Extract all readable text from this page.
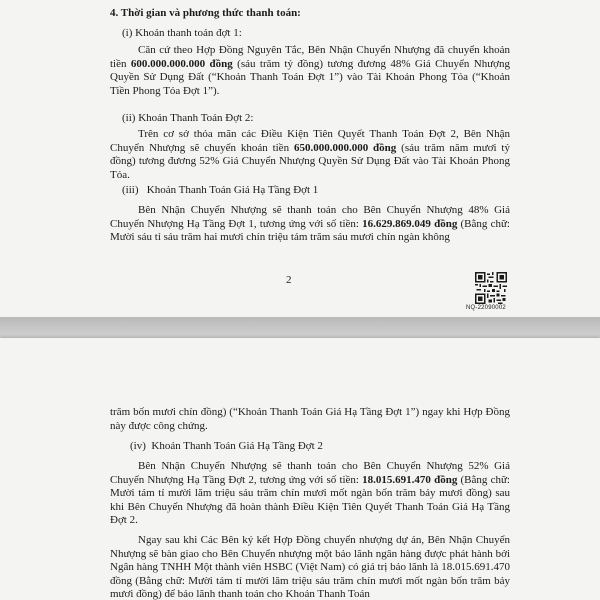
4. Thời gian và phương thức thanh toán:

(i) Khoản thanh toán đợt 1:

Căn cứ theo Hợp Đồng Nguyên Tắc, Bên Nhận Chuyển Nhượng đã chuyển khoản tiền 600.000.000.000 đồng (sáu trăm tỷ đồng) tương đương 48% Giá Chuyển Nhượng Quyền Sử Dụng Đất (“Khoản Thanh Toán Đợt 1”) vào Tài Khoản Phong Tỏa (“Khoản Tiền Phong Tỏa Đợt 1”).

(ii) Khoản Thanh Toán Đợt 2:

Trên cơ sở thỏa mãn các Điều Kiện Tiên Quyết Thanh Toán Đợt 2, Bên Nhận Chuyển Nhượng sẽ chuyển khoản tiền 650.000.000.000 đồng (sáu trăm năm mươi tỷ đồng) tương đương 52% Giá Chuyển Nhượng Quyền Sử Dụng Đất vào Tài Khoản Phong Tỏa.

(iii)   Khoản Thanh Toán Giá Hạ Tầng Đợt 1

Bên Nhận Chuyển Nhượng sẽ thanh toán cho Bên Chuyển Nhượng 48% Giá Chuyển Nhượng Hạ Tầng Đợt 1, tương ứng với số tiền: 16.629.869.049 đồng (Bằng chữ: Mười sáu tỉ sáu trăm hai mươi chín triệu tám trăm sáu mươi chín ngàn không

2
NQ-22090002

trăm bốn mươi chín đồng) (“Khoản Thanh Toán Giá Hạ Tầng Đợt 1”) ngay khi Hợp Đồng này được công chứng.

(iv)  Khoản Thanh Toán Giá Hạ Tầng Đợt 2

Bên Nhận Chuyển Nhượng sẽ thanh toán cho Bên Chuyển Nhượng 52% Giá Chuyển Nhượng Hạ Tầng Đợt 2, tương ứng với số tiền: 18.015.691.470 đồng (Bằng chữ: Mười tám tỉ mười lăm triệu sáu trăm chín mươi mốt ngàn bốn trăm bảy mươi đồng) sau khi Bên Chuyển Nhượng đã hoàn thành Điều Kiện Tiên Quyết Thanh Toán Giá Hạ Tầng Đợt 2.

Ngay sau khi Các Bên ký kết Hợp Đồng chuyển nhượng dự án, Bên Nhận Chuyển Nhượng sẽ bàn giao cho Bên Chuyển nhượng một bảo lãnh ngân hàng được phát hành bởi Ngân hàng TNHH Một thành viên HSBC (Việt Nam) có giá trị bảo lãnh là 18.015.691.470 đồng (Bằng chữ: Mười tám tỉ mười lăm triệu sáu trăm chín mươi mốt ngàn bốn trăm bảy mươi đồng) để bảo lãnh thanh toán cho Khoản Thanh Toán
